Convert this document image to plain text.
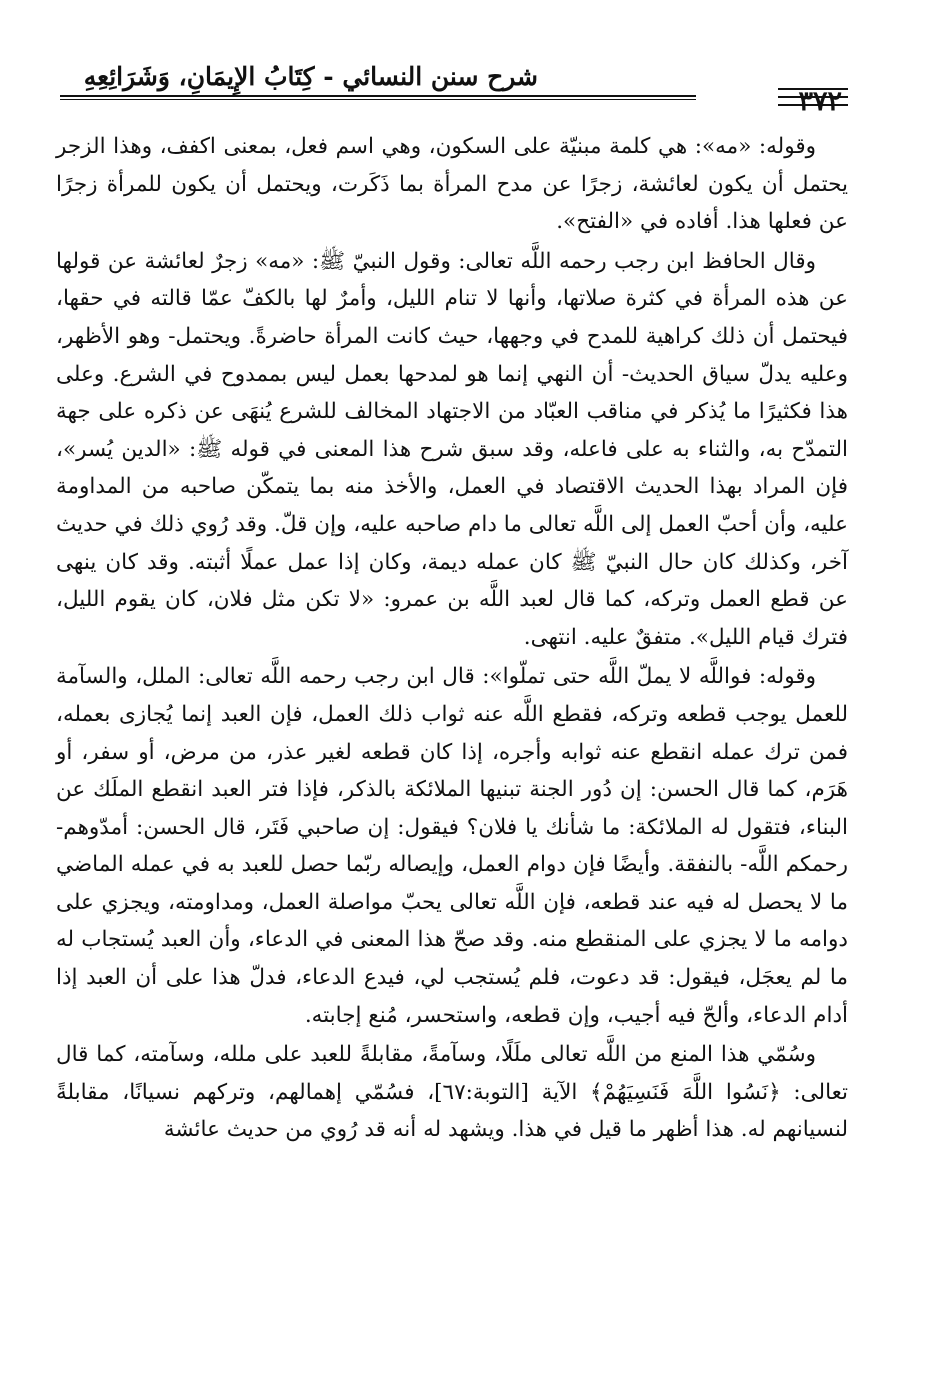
شرح سنن النسائي - كِتَابُ الإِيمَانِ، وَشَرَائِعِهِ
٣٧٢

وقوله: «مه»: هي كلمة مبنيّة على السكون، وهي اسم فعل، بمعنى اكفف، وهذا الزجر يحتمل أن يكون لعائشة، زجرًا عن مدح المرأة بما ذَكَرت، ويحتمل أن يكون للمرأة زجرًا عن فعلها هذا. أفاده في «الفتح».

وقال الحافظ ابن رجب رحمه اللَّه تعالى: وقول النبيّ ﷺ: «مه» زجرٌ لعائشة عن قولها عن هذه المرأة في كثرة صلاتها، وأنها لا تنام الليل، وأمرٌ لها بالكفّ عمّا قالته في حقها، فيحتمل أن ذلك كراهية للمدح في وجهها، حيث كانت المرأة حاضرةً. ويحتمل- وهو الأظهر، وعليه يدلّ سياق الحديث- أن النهي إنما هو لمدحها بعمل ليس بممدوح في الشرع. وعلى هذا فكثيرًا ما يُذكر في مناقب العبّاد من الاجتهاد المخالف للشرع يُنهَى عن ذكره على جهة التمدّح به، والثناء به على فاعله، وقد سبق شرح هذا المعنى في قوله ﷺ: «الدين يُسر»، فإن المراد بهذا الحديث الاقتصاد في العمل، والأخذ منه بما يتمكّن صاحبه من المداومة عليه، وأن أحبّ العمل إلى اللَّه تعالى ما دام صاحبه عليه، وإن قلّ. وقد رُوي ذلك في حديث آخر، وكذلك كان حال النبيّ ﷺ كان عمله ديمة، وكان إذا عمل عملًا أثبته. وقد كان ينهى عن قطع العمل وتركه، كما قال لعبد اللَّه بن عمرو: «لا تكن مثل فلان، كان يقوم الليل، فترك قيام الليل». متفقٌ عليه. انتهى.

وقوله: فواللَّه لا يملّ اللَّه حتى تملّوا»: قال ابن رجب رحمه اللَّه تعالى: الملل، والسآمة للعمل يوجب قطعه وتركه، فقطع اللَّه عنه ثواب ذلك العمل، فإن العبد إنما يُجازى بعمله، فمن ترك عمله انقطع عنه ثوابه وأجره، إذا كان قطعه لغير عذر، من مرض، أو سفر، أو هَرَم، كما قال الحسن: إن دُور الجنة تبنيها الملائكة بالذكر، فإذا فتر العبد انقطع الملَك عن البناء، فتقول له الملائكة: ما شأنك يا فلان؟ فيقول: إن صاحبي فَتَر، قال الحسن: أمدّوهم- رحمكم اللَّه- بالنفقة. وأيضًا فإن دوام العمل، وإيصاله ربّما حصل للعبد به في عمله الماضي ما لا يحصل له فيه عند قطعه، فإن اللَّه تعالى يحبّ مواصلة العمل، ومداومته، ويجزي على دوامه ما لا يجزي على المنقطع منه. وقد صحّ هذا المعنى في الدعاء، وأن العبد يُستجاب له ما لم يعجَل، فيقول: قد دعوت، فلم يُستجب لي، فيدع الدعاء، فدلّ هذا على أن العبد إذا أدام الدعاء، وألحّ فيه أجيب، وإن قطعه، واستحسر، مُنع إجابته.

وسُمّي هذا المنع من اللَّه تعالى ملَلًا، وسآمةً، مقابلةً للعبد على ملله، وسآمته، كما قال تعالى: ﴿نَسُوا اللَّهَ فَنَسِيَهُمْ﴾ الآية [التوبة:٦٧]، فسُمّي إهمالهم، وتركهم نسيانًا، مقابلةً لنسيانهم له. هذا أظهر ما قيل في هذا. ويشهد له أنه قد رُوي من حديث عائشة
